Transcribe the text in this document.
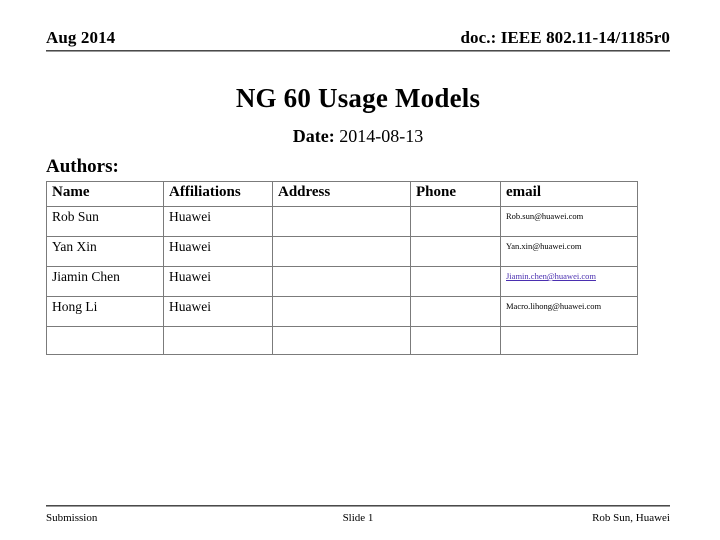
Aug 2014	doc.: IEEE 802.11-14/1185r0
NG 60 Usage Models
Date: 2014-08-13
Authors:
Name	Affiliations	Address	Phone	email
Rob Sun	Huawei			Rob.sun@huawei.com
Yan Xin	Huawei			Yan.xin@huawei.com
Jiamin Chen	Huawei			Jiamin.chen@huawei.com
Hong Li	Huawei			Macro.lihong@huawei.com

Submission	Slide 1	Rob Sun, Huawei
